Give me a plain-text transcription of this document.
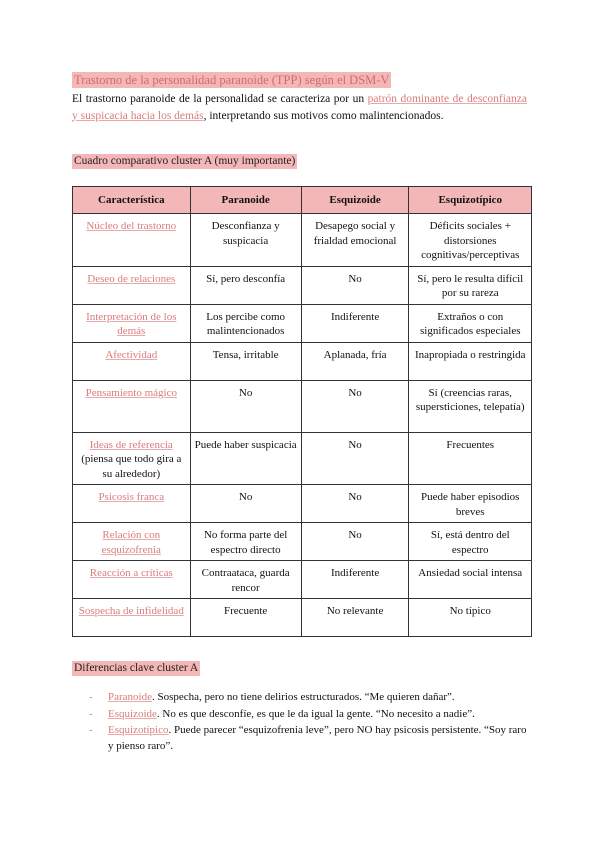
Trastorno de la personalidad paranoide (TPP) según el DSM-V

El trastorno paranoide de la personalidad se caracteriza por un patrón dominante de desconfianza y suspicacia hacia los demás, interpretando sus motivos como malintencionados.

Cuadro comparativo cluster A (muy importante)
Característica	Paranoide	Esquizoide	Esquizotípico

Núcleo del trastorno	Desconfianza y suspicacia	Desapego social y frialdad emocional	Déficits sociales + distorsiones cognitivas/perceptivas

Deseo de relaciones	Sí, pero desconfía	No	Sí, pero le resulta difícil por su rareza

Interpretación de los demás	Los percibe como malintencionados	Indiferente	Extraños o con significados especiales

Afectividad	Tensa, irritable	Aplanada, fría	Inapropiada o restringida

Pensamiento mágico	No	No	Sí (creencias raras, supersticiones, telepatía)

Ideas de referencia
(piensa que todo gira a su alrededor)	Puede haber suspicacia	No	Frecuentes

Psicosis franca	No	No	Puede haber episodios breves

Relación con esquizofrenia	No forma parte del espectro directo	No	Sí, está dentro del espectro

Reacción a críticas	Contraataca, guarda rencor	Indiferente	Ansiedad social intensa

Sospecha de infidelidad	Frecuente	No relevante	No típico
Diferencias clave cluster A
- Paranoide. Sospecha, pero no tiene delirios estructurados. “Me quieren dañar”.
- Esquizoide. No es que desconfíe, es que le da igual la gente. “No necesito a nadie”.
- Esquizotípico. Puede parecer “esquizofrenia leve”, pero NO hay psicosis persistente. “Soy raro y pienso raro”.
